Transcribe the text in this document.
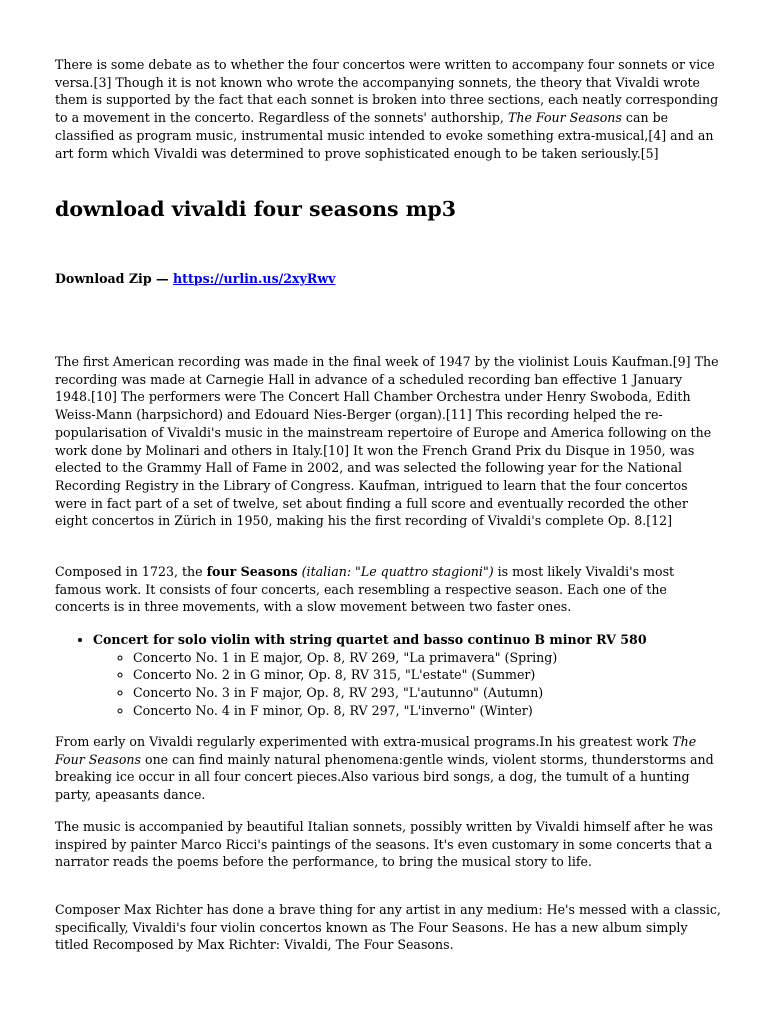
There is some debate as to whether the four concertos were written to accompany four sonnets or vice versa.[3] Though it is not known who wrote the accompanying sonnets, the theory that Vivaldi wrote them is supported by the fact that each sonnet is broken into three sections, each neatly corresponding to a movement in the concerto. Regardless of the sonnets' authorship, The Four Seasons can be classified as program music, instrumental music intended to evoke something extra-musical,[4] and an art form which Vivaldi was determined to prove sophisticated enough to be taken seriously.[5]

download vivaldi four seasons mp3

Download Zip — https://urlin.us/2xyRwv

The first American recording was made in the final week of 1947 by the violinist Louis Kaufman.[9] The recording was made at Carnegie Hall in advance of a scheduled recording ban effective 1 January 1948.[10] The performers were The Concert Hall Chamber Orchestra under Henry Swoboda, Edith Weiss-Mann (harpsichord) and Edouard Nies-Berger (organ).[11] This recording helped the re-popularisation of Vivaldi's music in the mainstream repertoire of Europe and America following on the work done by Molinari and others in Italy.[10] It won the French Grand Prix du Disque in 1950, was elected to the Grammy Hall of Fame in 2002, and was selected the following year for the National Recording Registry in the Library of Congress. Kaufman, intrigued to learn that the four concertos were in fact part of a set of twelve, set about finding a full score and eventually recorded the other eight concertos in Zürich in 1950, making his the first recording of Vivaldi's complete Op. 8.[12]

Composed in 1723, the four Seasons (italian: "Le quattro stagioni") is most likely Vivaldi's most famous work. It consists of four concerts, each resembling a respective season. Each one of the concerts is in three movements, with a slow movement between two faster ones.

• Concert for solo violin with string quartet and basso continuo B minor RV 580
◦ Concerto No. 1 in E major, Op. 8, RV 269, "La primavera" (Spring)
◦ Concerto No. 2 in G minor, Op. 8, RV 315, "L'estate" (Summer)
◦ Concerto No. 3 in F major, Op. 8, RV 293, "L'autunno" (Autumn)
◦ Concerto No. 4 in F minor, Op. 8, RV 297, "L'inverno" (Winter)

From early on Vivaldi regularly experimented with extra-musical programs.In his greatest work The Four Seasons one can find mainly natural phenomena:gentle winds, violent storms, thunderstorms and breaking ice occur in all four concert pieces.Also various bird songs, a dog, the tumult of a hunting party, apeasants dance.

The music is accompanied by beautiful Italian sonnets, possibly written by Vivaldi himself after he was inspired by painter Marco Ricci's paintings of the seasons. It's even customary in some concerts that a narrator reads the poems before the performance, to bring the musical story to life.

Composer Max Richter has done a brave thing for any artist in any medium: He's messed with a classic, specifically, Vivaldi's four violin concertos known as The Four Seasons. He has a new album simply titled Recomposed by Max Richter: Vivaldi, The Four Seasons.
